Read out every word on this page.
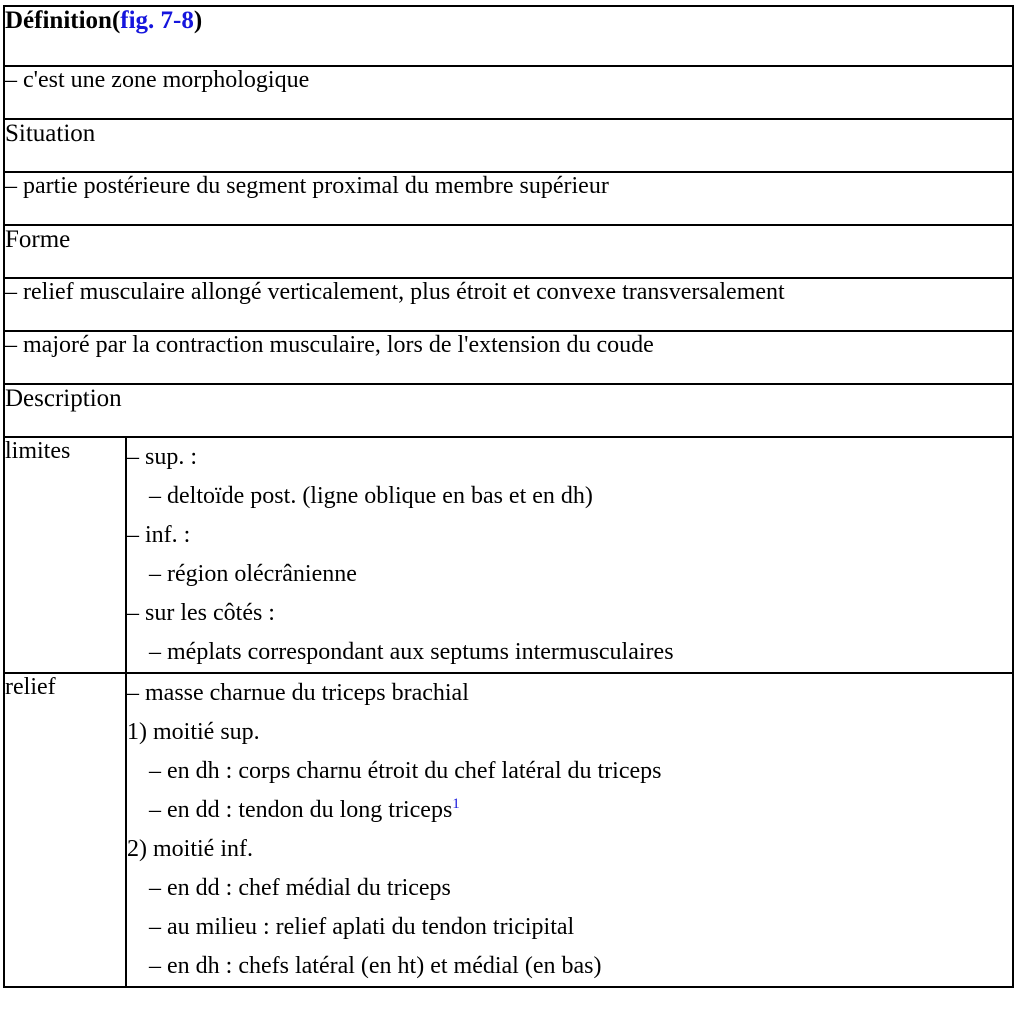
Définition(fig. 7-8)	
– c'est une zone morphologique	
Situation	
– partie postérieure du segment proximal du membre supérieur	
Forme	
– relief musculaire allongé verticalement, plus étroit et convexe transversalement	
– majoré par la contraction musculaire, lors de l'extension du coude	
Description	
limites	– sup. :
– deltoïde post. (ligne oblique en bas et en dh)
– inf. :
– région olécrânienne
– sur les côtés :
– méplats correspondant aux septums intermusculaires

relief	– masse charnue du triceps brachial
1) moitié sup.
– en dh : corps charnu étroit du chef latéral du triceps
– en dd : tendon du long triceps$^1$
2) moitié inf.
– en dd : chef médial du triceps
– au milieu : relief aplati du tendon tricipital
– en dh : chefs latéral (en ht) et médial (en bas)
